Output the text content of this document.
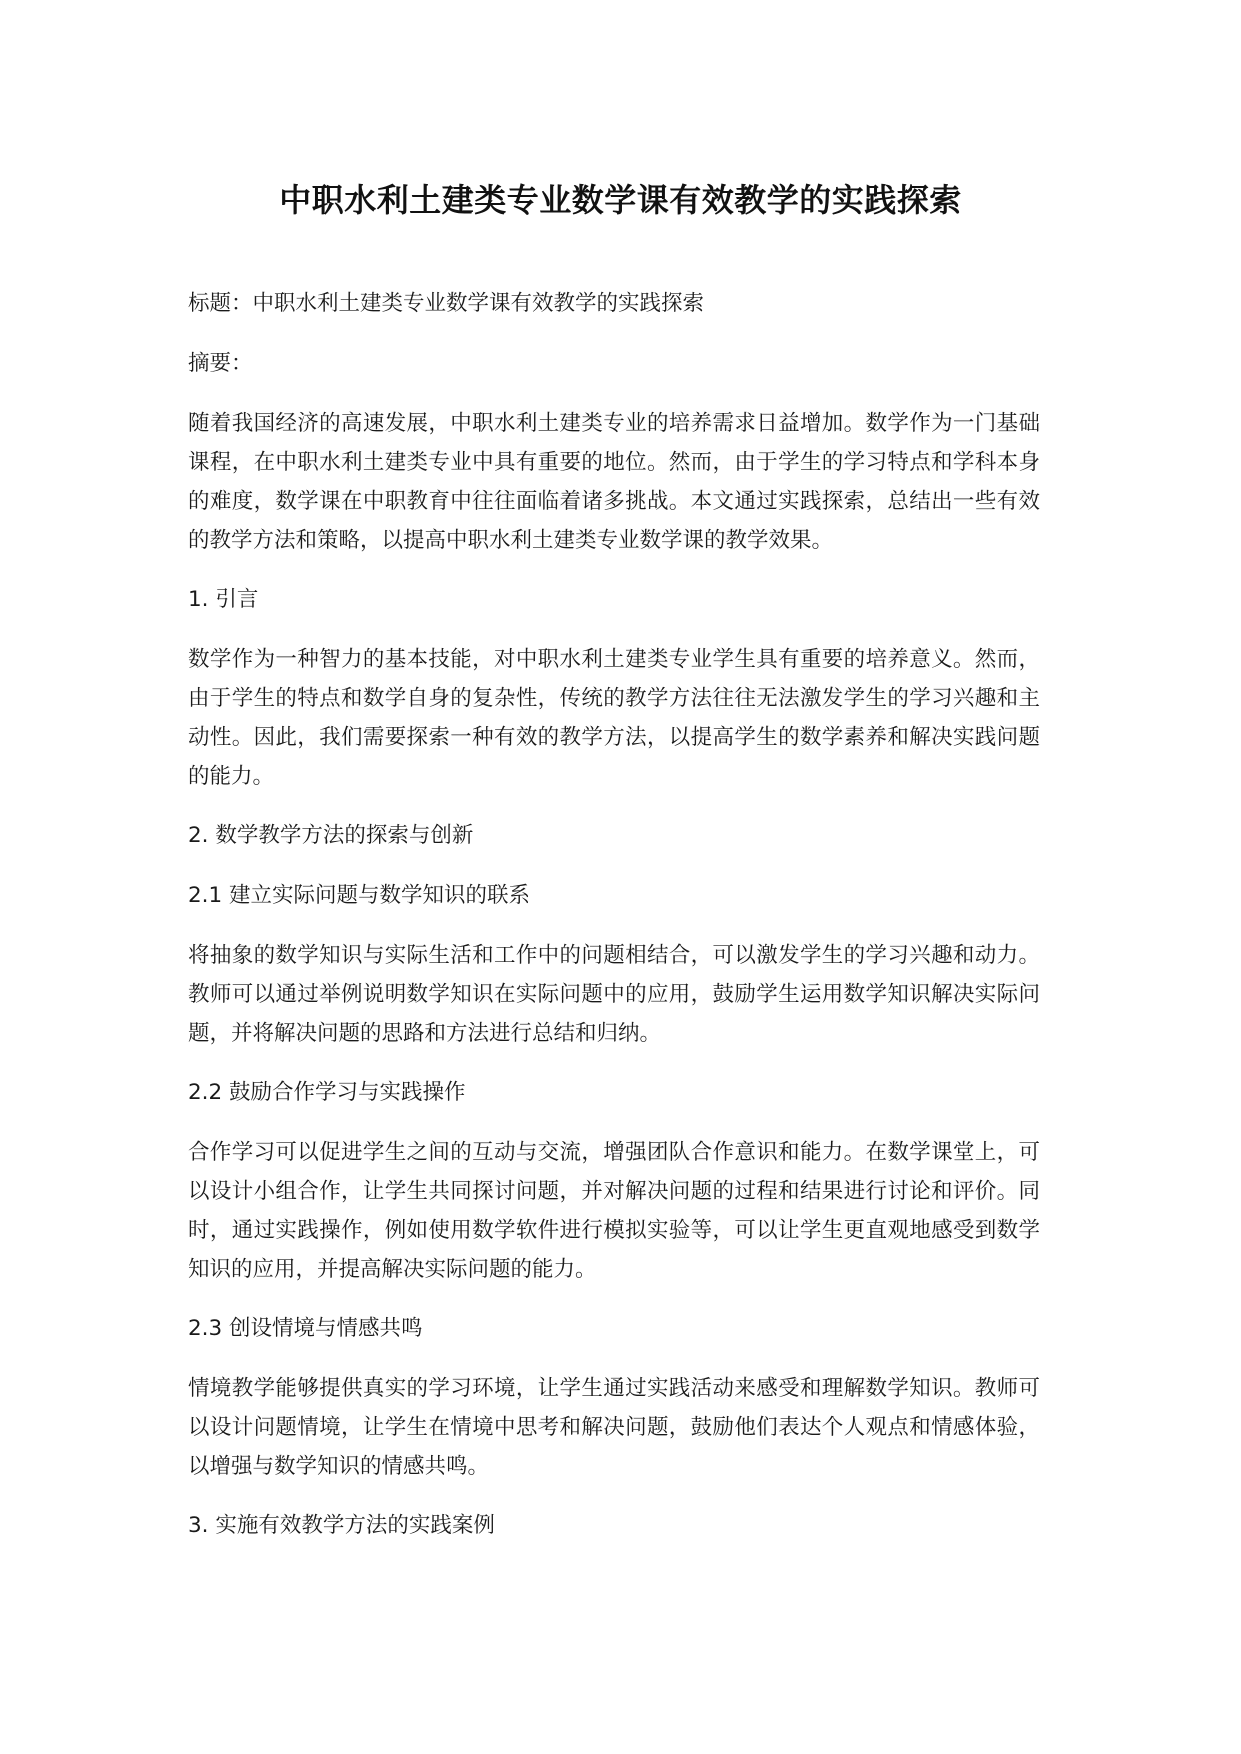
中职水利土建类专业数学课有效教学的实践探索

标题：中职水利土建类专业数学课有效教学的实践探索

摘要：

随着我国经济的高速发展，中职水利土建类专业的培养需求日益增加。数学作为一门基础课程，在中职水利土建类专业中具有重要的地位。然而，由于学生的学习特点和学科本身的难度，数学课在中职教育中往往面临着诸多挑战。本文通过实践探索，总结出一些有效的教学方法和策略，以提高中职水利土建类专业数学课的教学效果。

1. 引言

数学作为一种智力的基本技能，对中职水利土建类专业学生具有重要的培养意义。然而，由于学生的特点和数学自身的复杂性，传统的教学方法往往无法激发学生的学习兴趣和主动性。因此，我们需要探索一种有效的教学方法，以提高学生的数学素养和解决实践问题的能力。

2. 数学教学方法的探索与创新

2.1 建立实际问题与数学知识的联系

将抽象的数学知识与实际生活和工作中的问题相结合，可以激发学生的学习兴趣和动力。教师可以通过举例说明数学知识在实际问题中的应用，鼓励学生运用数学知识解决实际问题，并将解决问题的思路和方法进行总结和归纳。

2.2 鼓励合作学习与实践操作

合作学习可以促进学生之间的互动与交流，增强团队合作意识和能力。在数学课堂上，可以设计小组合作，让学生共同探讨问题，并对解决问题的过程和结果进行讨论和评价。同时，通过实践操作，例如使用数学软件进行模拟实验等，可以让学生更直观地感受到数学知识的应用，并提高解决实际问题的能力。

2.3 创设情境与情感共鸣

情境教学能够提供真实的学习环境，让学生通过实践活动来感受和理解数学知识。教师可以设计问题情境，让学生在情境中思考和解决问题，鼓励他们表达个人观点和情感体验，以增强与数学知识的情感共鸣。

3. 实施有效教学方法的实践案例
